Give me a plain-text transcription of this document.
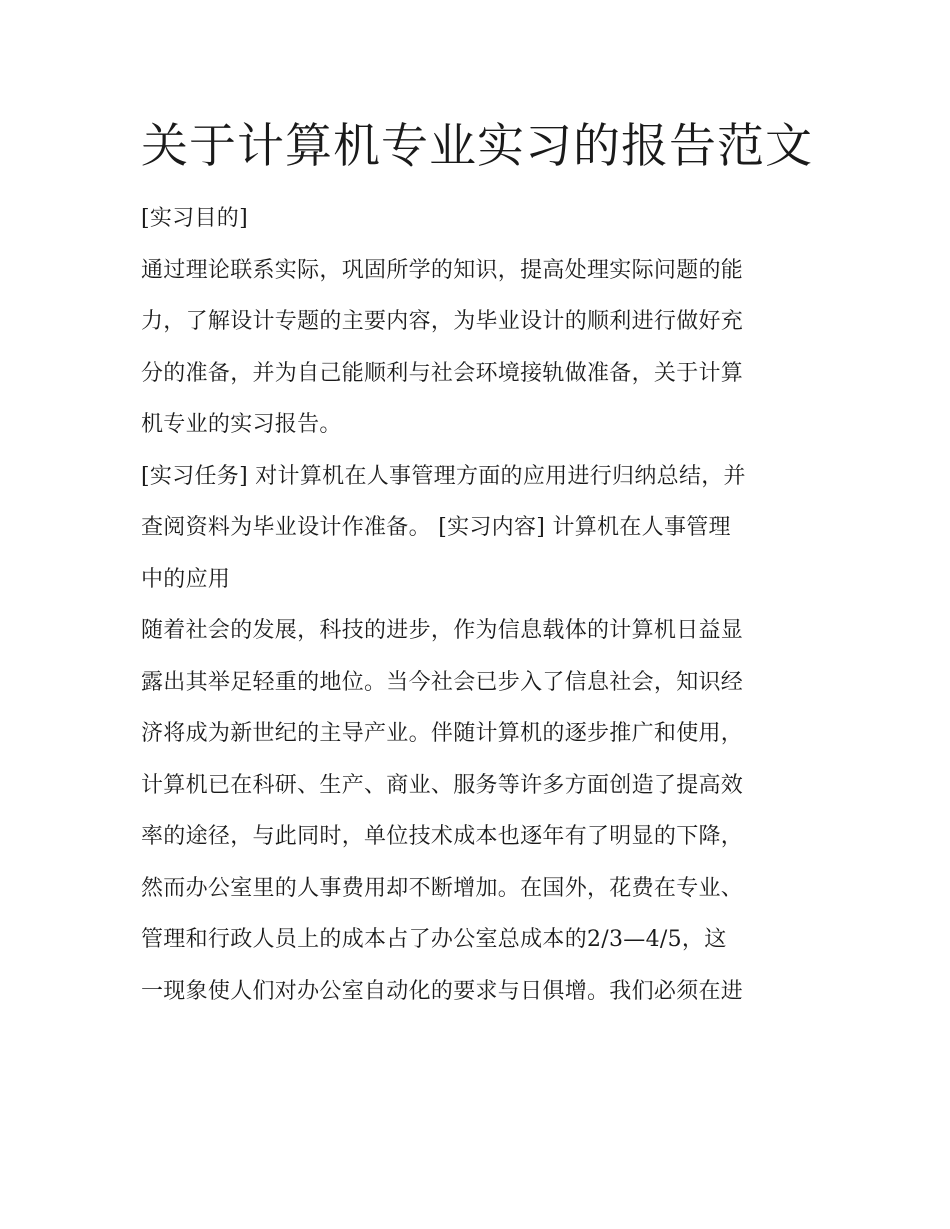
关于计算机专业实习的报告范文
[实习目的]
通过理论联系实际，巩固所学的知识，提高处理实际问题的能
力，了解设计专题的主要内容，为毕业设计的顺利进行做好充
分的准备，并为自己能顺利与社会环境接轨做准备，关于计算
机专业的实习报告。
[实习任务] 对计算机在人事管理方面的应用进行归纳总结，并
查阅资料为毕业设计作准备。 [实习内容] 计算机在人事管理
中的应用
随着社会的发展，科技的进步，作为信息载体的计算机日益显
露出其举足轻重的地位。当今社会已步入了信息社会，知识经
济将成为新世纪的主导产业。伴随计算机的逐步推广和使用，
计算机已在科研、生产、商业、服务等许多方面创造了提高效
率的途径，与此同时，单位技术成本也逐年有了明显的下降，
然而办公室里的人事费用却不断增加。在国外，花费在专业、
管理和行政人员上的成本占了办公室总成本的2/3—4/5，这
一现象使人们对办公室自动化的要求与日俱增。我们必须在进
